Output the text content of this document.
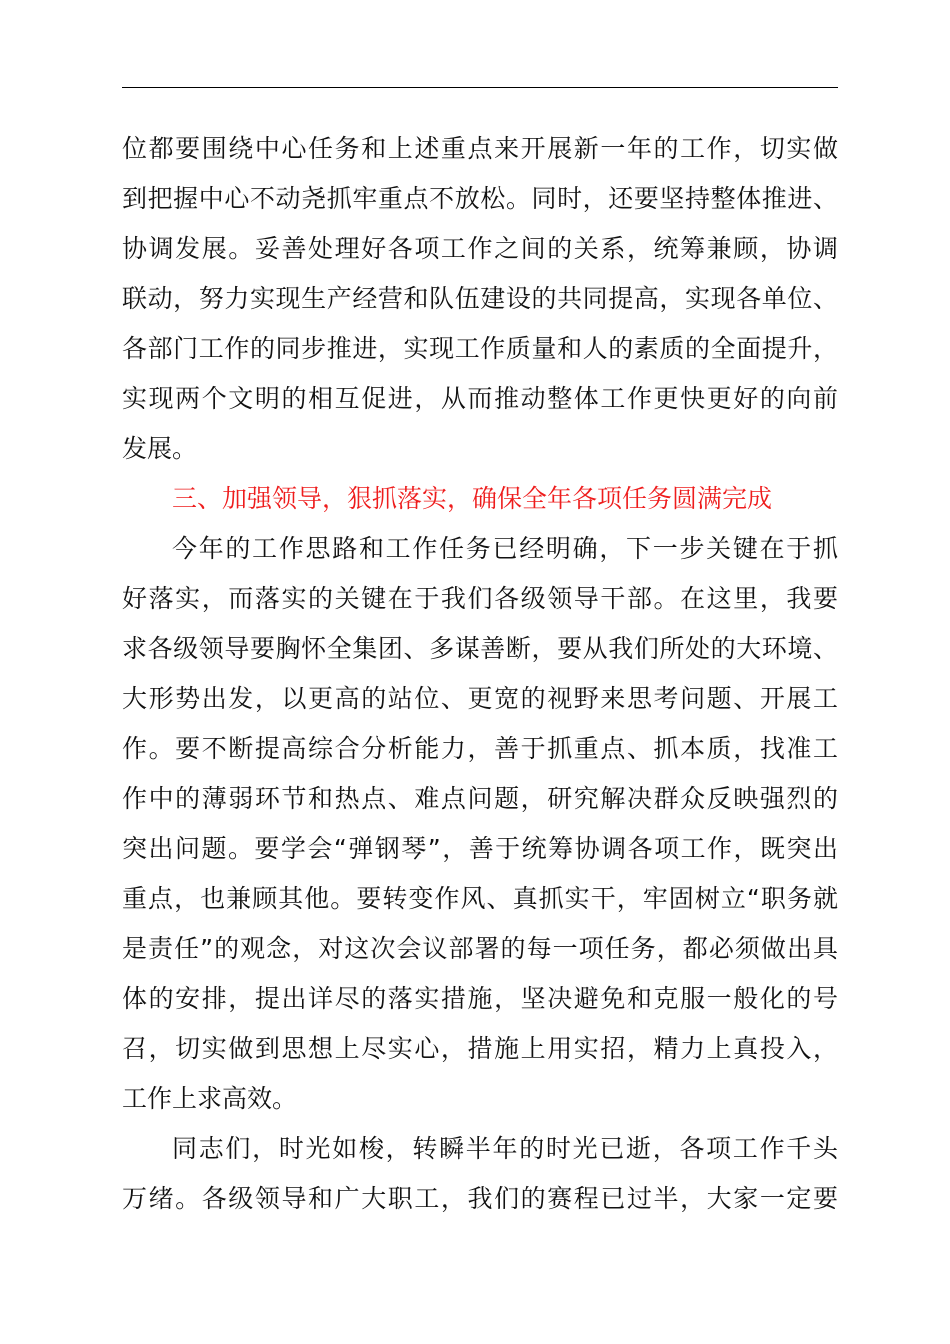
位都要围绕中心任务和上述重点来开展新一年的工作，切实做
到把握中心不动尧抓牢重点不放松。同时，还要坚持整体推进、
协调发展。妥善处理好各项工作之间的关系，统筹兼顾，协调
联动，努力实现生产经营和队伍建设的共同提高，实现各单位、
各部门工作的同步推进，实现工作质量和人的素质的全面提升，
实现两个文明的相互促进，从而推动整体工作更快更好的向前
发展。
三、加强领导，狠抓落实，确保全年各项任务圆满完成
今年的工作思路和工作任务已经明确，下一步关键在于抓
好落实，而落实的关键在于我们各级领导干部。在这里，我要
求各级领导要胸怀全集团、多谋善断，要从我们所处的大环境、
大形势出发，以更高的站位、更宽的视野来思考问题、开展工
作。要不断提高综合分析能力，善于抓重点、抓本质，找准工
作中的薄弱环节和热点、难点问题，研究解决群众反映强烈的
突出问题。要学会“弹钢琴”，善于统筹协调各项工作，既突出
重点，也兼顾其他。要转变作风、真抓实干，牢固树立“职务就
是责任”的观念，对这次会议部署的每一项任务，都必须做出具
体的安排，提出详尽的落实措施，坚决避免和克服一般化的号
召，切实做到思想上尽实心，措施上用实招，精力上真投入，
工作上求高效。
同志们，时光如梭，转瞬半年的时光已逝，各项工作千头
万绪。各级领导和广大职工，我们的赛程已过半，大家一定要
